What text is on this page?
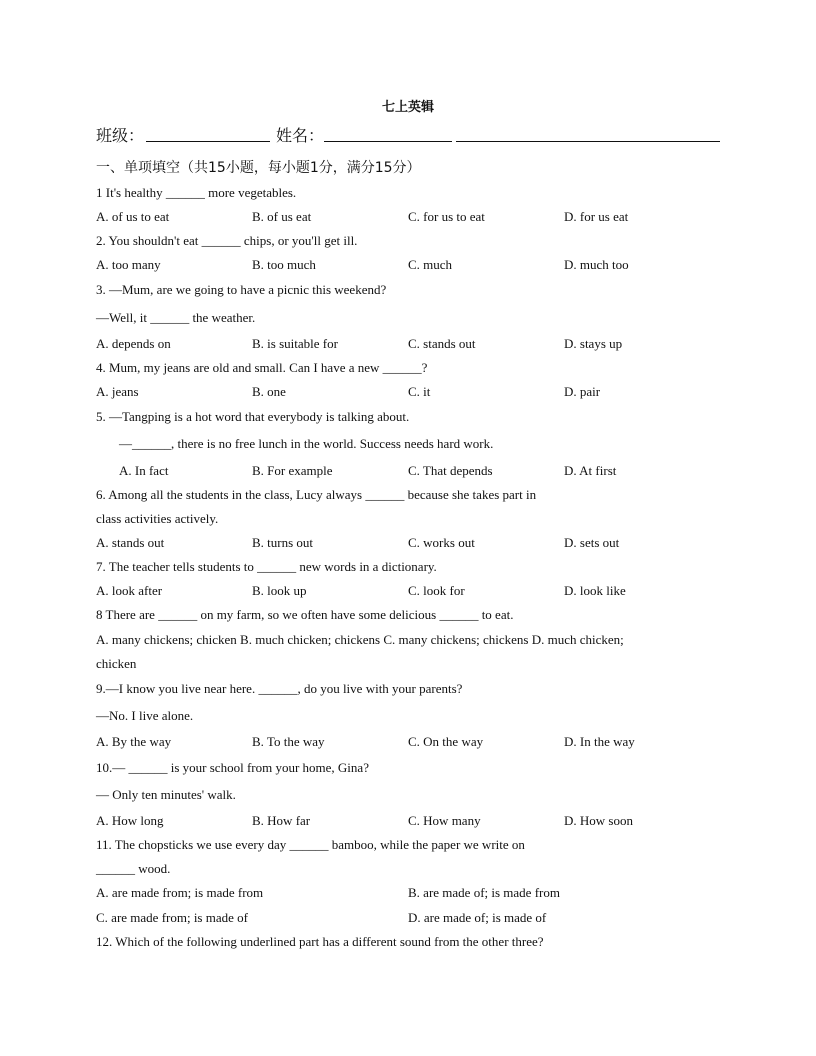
七上英辑
班级：	姓名：
一、单项填空（共15小题，每小题1分，满分15分）
1 It's healthy ______ more vegetables.
A. of us to eat	B. of us eat	C. for us to eat	D. for us eat
2. You shouldn't eat ______ chips, or you'll get ill.
A. too many	B. too much	C. much	D. much too
3. —Mum, are we going to have a picnic this weekend?
—Well, it ______ the weather.
A. depends on	B. is suitable for	C. stands out	D. stays up
4. Mum, my jeans are old and small. Can I have a new ______?
A. jeans	B. one	C. it	D. pair
5. —Tangping is a hot word that everybody is talking about.
—______, there is no free lunch in the world. Success needs hard work.
A. In fact	B. For example	C. That depends	D. At first
6. Among all the students in the class, Lucy always ______ because she takes part in
class activities actively.
A. stands out	B. turns out	C. works out	D. sets out
7. The teacher tells students to ______ new words in a dictionary.
A. look after	B. look up	C. look for	D. look like
8 There are ______ on my farm, so we often have some delicious ______ to eat.
A. many chickens; chicken B. much chicken; chickens C. many chickens; chickens D. much chicken;
chicken
9.—I know you live near here. ______, do you live with your parents?
—No. I live alone.
A. By the way	B. To the way	C. On the way	D. In the way
10.— ______ is your school from your home, Gina?
— Only ten minutes' walk.
A. How long	B. How far	C. How many	D. How soon
11. The chopsticks we use every day ______ bamboo, while the paper we write on
______ wood.
A. are made from; is made from	B. are made of; is made from
C. are made from; is made of	D. are made of; is made of
12. Which of the following underlined part has a different sound from the other three?
